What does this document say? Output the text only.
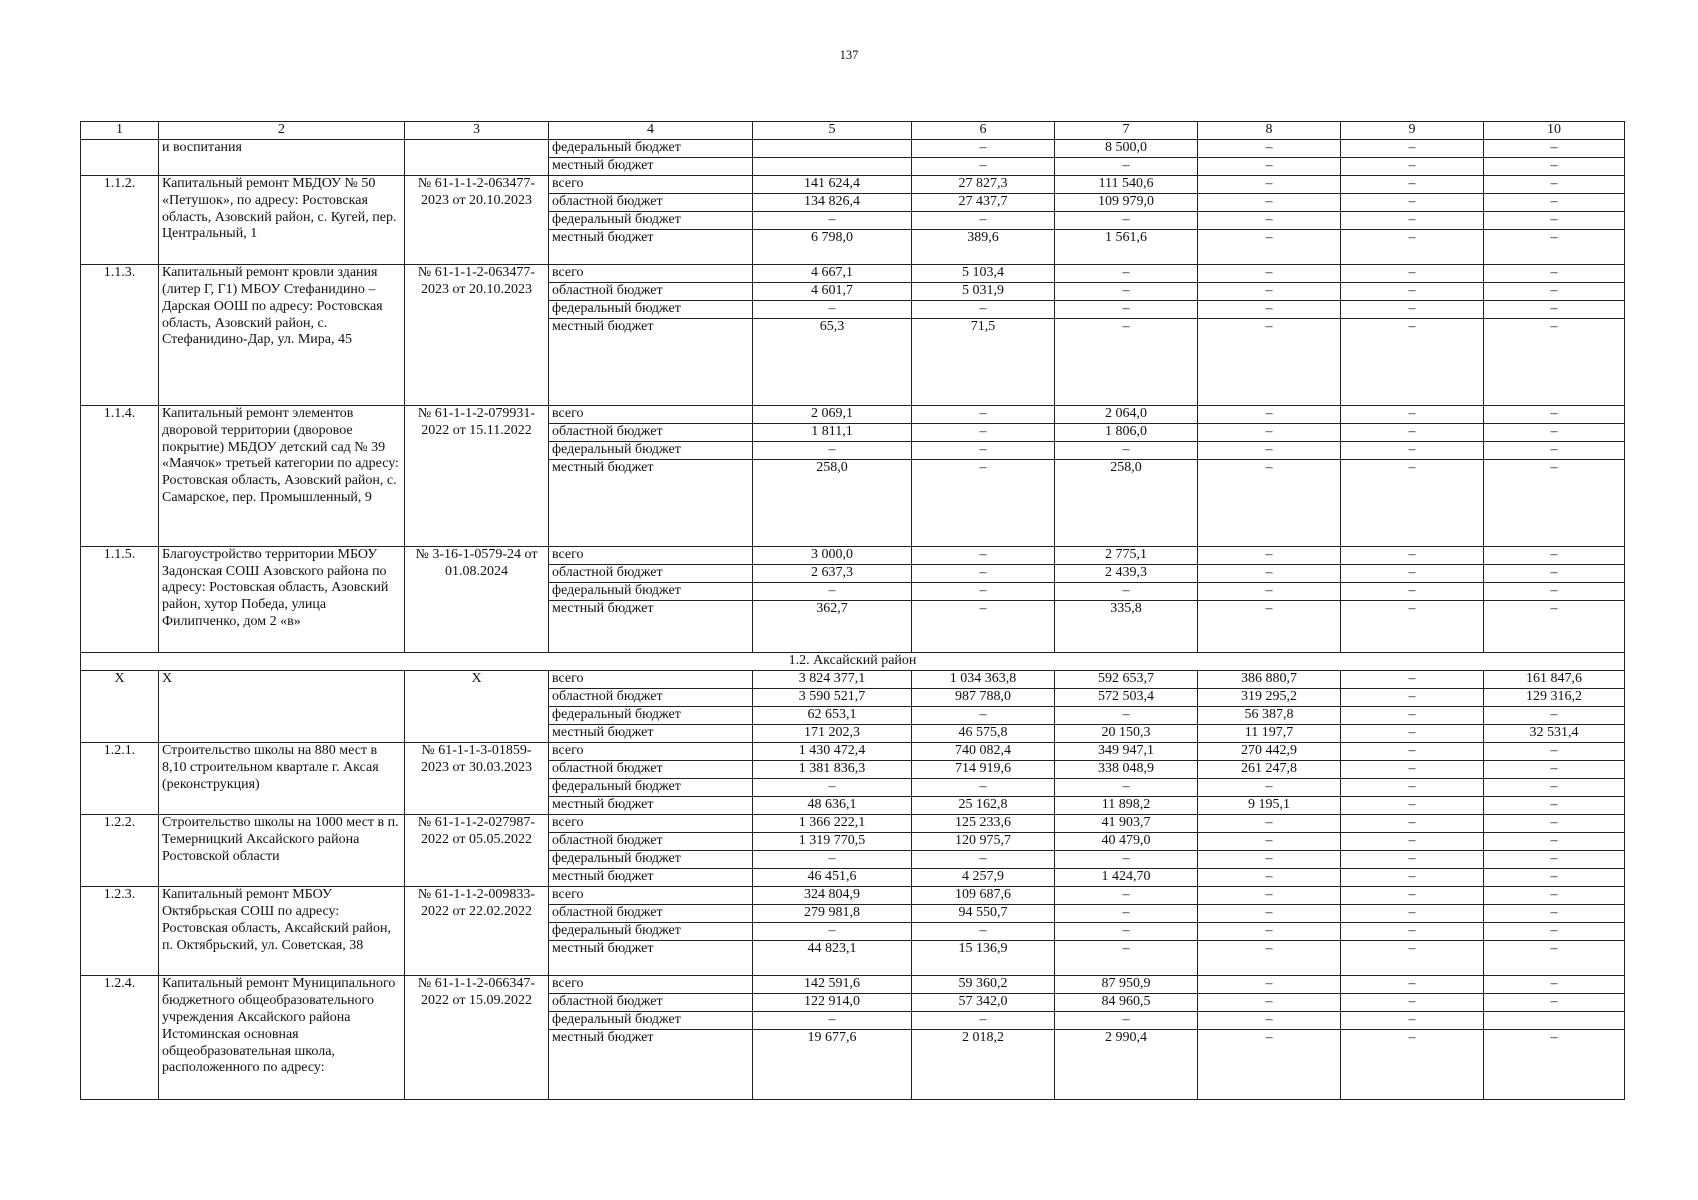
137
1	2	3	4	5	6	7	8	9	10
	и воспитания		федеральный бюджет		–	8 500,0	–	–	–
			местный бюджет		–	–	–	–	–
1.1.2.	Капитальный ремонт МБДОУ № 50 «Петушок», по адресу: Ростовская область, Азовский район, с. Кугей, пер. Центральный, 1	№ 61-1-1-2-063477-2023 от 20.10.2023	всего	141 624,4	27 827,3	111 540,6	–	–	–
			областной бюджет	134 826,4	27 437,7	109 979,0	–	–	–
			федеральный бюджет	–	–	–	–	–	–
			местный бюджет	6 798,0	389,6	1 561,6	–	–	–
1.1.3.	Капитальный ремонт кровли здания (литер Г, Г1) МБОУ Стефанидино – Дарская ООШ по адресу: Ростовская область, Азовский район, с. Стефанидино-Дар, ул. Мира, 45	№ 61-1-1-2-063477-2023 от 20.10.2023	всего	4 667,1	5 103,4	–	–	–	–
			областной бюджет	4 601,7	5 031,9	–	–	–	–
			федеральный бюджет	–	–	–	–	–	–
			местный бюджет	65,3	71,5	–	–	–	–
1.1.4.	Капитальный ремонт элементов дворовой территории (дворовое покрытие) МБДОУ детский сад № 39 «Маячок» третьей категории по адресу: Ростовская область, Азовский район, с. Самарское, пер. Промышленный, 9	№ 61-1-1-2-079931-2022 от 15.11.2022	всего	2 069,1	–	2 064,0	–	–	–
			областной бюджет	1 811,1	–	1 806,0	–	–	–
			федеральный бюджет	–	–	–	–	–	–
			местный бюджет	258,0	–	258,0	–	–	–
1.1.5.	Благоустройство территории МБОУ Задонская СОШ Азовского района по адресу: Ростовская область, Азовский район, хутор Победа, улица Филипченко, дом 2 «в»	№ 3-16-1-0579-24 от 01.08.2024	всего	3 000,0	–	2 775,1	–	–	–
			областной бюджет	2 637,3	–	2 439,3	–	–	–
			федеральный бюджет	–	–	–	–	–	–
			местный бюджет	362,7	–	335,8	–	–	–
1.2. Аксайский район									
Х	Х	Х	всего	3 824 377,1	1 034 363,8	592 653,7	386 880,7	–	161 847,6
			областной бюджет	3 590 521,7	987 788,0	572 503,4	319 295,2	–	129 316,2
			федеральный бюджет	62 653,1	–	–	56 387,8	–	–
			местный бюджет	171 202,3	46 575,8	20 150,3	11 197,7	–	32 531,4
1.2.1.	Строительство школы на 880 мест в 8,10 строительном квартале г. Аксая (реконструкция)	№ 61-1-1-3-01859-2023 от 30.03.2023	всего	1 430 472,4	740 082,4	349 947,1	270 442,9	–	–
			областной бюджет	1 381 836,3	714 919,6	338 048,9	261 247,8	–	–
			федеральный бюджет	–	–	–	–	–	–
			местный бюджет	48 636,1	25 162,8	11 898,2	9 195,1	–	–
1.2.2.	Строительство школы на 1000 мест в п. Темерницкий Аксайского района Ростовской области	№ 61-1-1-2-027987-2022 от 05.05.2022	всего	1 366 222,1	125 233,6	41 903,7	–	–	–
			областной бюджет	1 319 770,5	120 975,7	40 479,0	–	–	–
			федеральный бюджет	–	–	–	–	–	–
			местный бюджет	46 451,6	4 257,9	1 424,70	–	–	–
1.2.3.	Капитальный ремонт МБОУ Октябрьская СОШ по адресу: Ростовская область, Аксайский район, п. Октябрьский, ул. Советская, 38	№ 61-1-1-2-009833-2022 от 22.02.2022	всего	324 804,9	109 687,6	–	–	–	–
			областной бюджет	279 981,8	94 550,7	–	–	–	–
			федеральный бюджет	–	–	–	–	–	–
			местный бюджет	44 823,1	15 136,9	–	–	–	–
1.2.4.	Капитальный ремонт Муниципального бюджетного общеобразовательного учреждения Аксайского района Истоминская основная общеобразовательная школа, расположенного по адресу:	№ 61-1-1-2-066347-2022 от 15.09.2022	всего	142 591,6	59 360,2	87 950,9	–	–	–
			областной бюджет	122 914,0	57 342,0	84 960,5	–	–	–
			федеральный бюджет	–	–	–	–	–	
			местный бюджет	19 677,6	2 018,2	2 990,4	–	–	–
